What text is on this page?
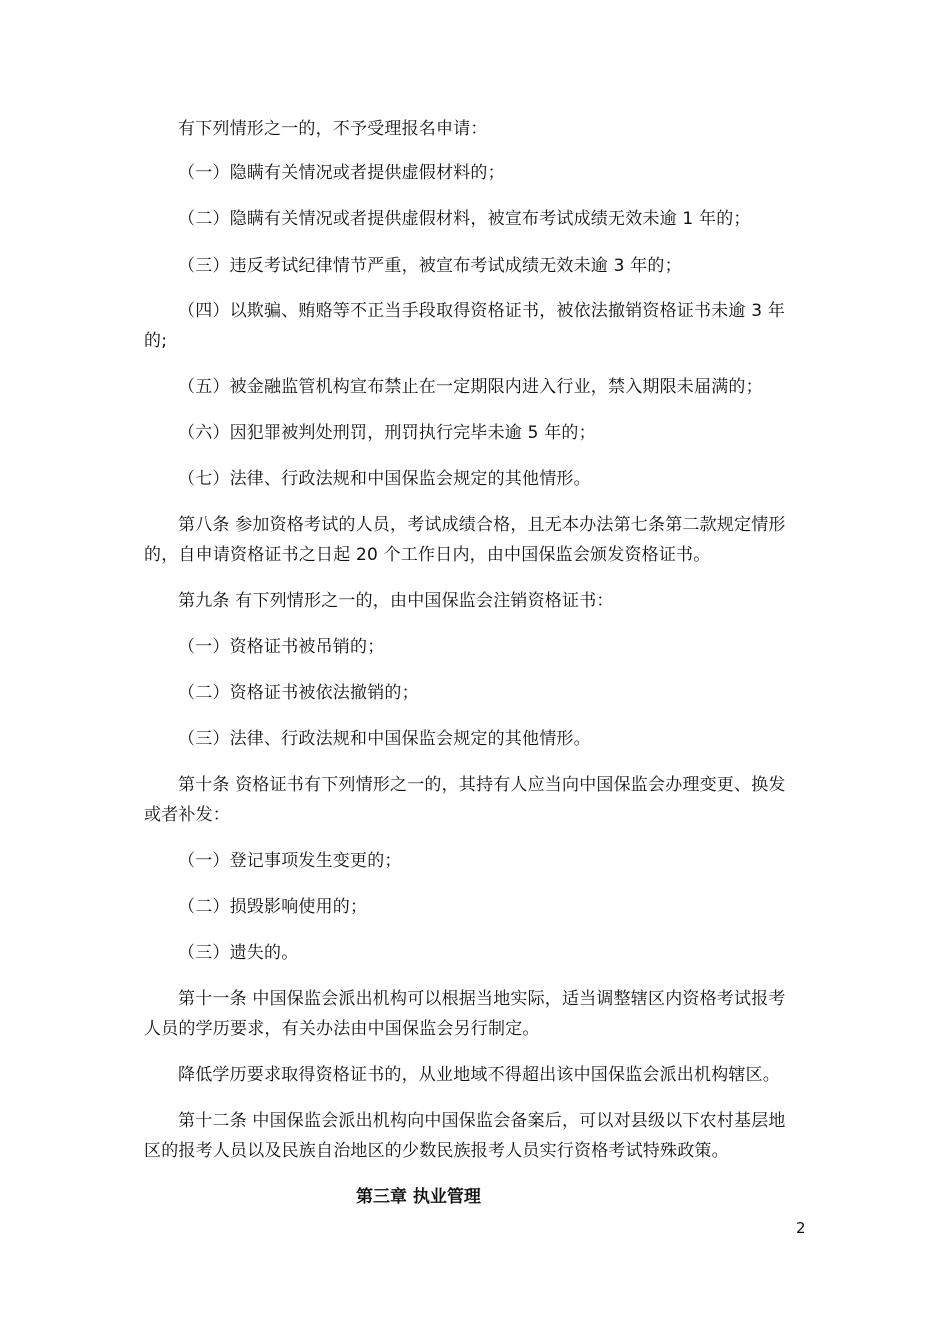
有下列情形之一的，不予受理报名申请：
（一）隐瞒有关情况或者提供虚假材料的；
（二）隐瞒有关情况或者提供虚假材料，被宣布考试成绩无效未逾 1 年的；
（三）违反考试纪律情节严重，被宣布考试成绩无效未逾 3 年的；
（四）以欺骗、贿赂等不正当手段取得资格证书，被依法撤销资格证书未逾 3 年
的;
（五）被金融监管机构宣布禁止在一定期限内进入行业，禁入期限未届满的；
（六）因犯罪被判处刑罚，刑罚执行完毕未逾 5 年的；
（七）法律、行政法规和中国保监会规定的其他情形。
第八条 参加资格考试的人员，考试成绩合格，且无本办法第七条第二款规定情形
的，自申请资格证书之日起 20 个工作日内，由中国保监会颁发资格证书。
第九条 有下列情形之一的，由中国保监会注销资格证书：
（一）资格证书被吊销的；
（二）资格证书被依法撤销的；
（三）法律、行政法规和中国保监会规定的其他情形。
第十条 资格证书有下列情形之一的，其持有人应当向中国保监会办理变更、换发
或者补发：
（一）登记事项发生变更的；
（二）损毁影响使用的；
（三）遗失的。
第十一条 中国保监会派出机构可以根据当地实际，适当调整辖区内资格考试报考
人员的学历要求，有关办法由中国保监会另行制定。
降低学历要求取得资格证书的，从业地域不得超出该中国保监会派出机构辖区。
第十二条 中国保监会派出机构向中国保监会备案后，可以对县级以下农村基层地
区的报考人员以及民族自治地区的少数民族报考人员实行资格考试特殊政策。
第三章 执业管理
2
